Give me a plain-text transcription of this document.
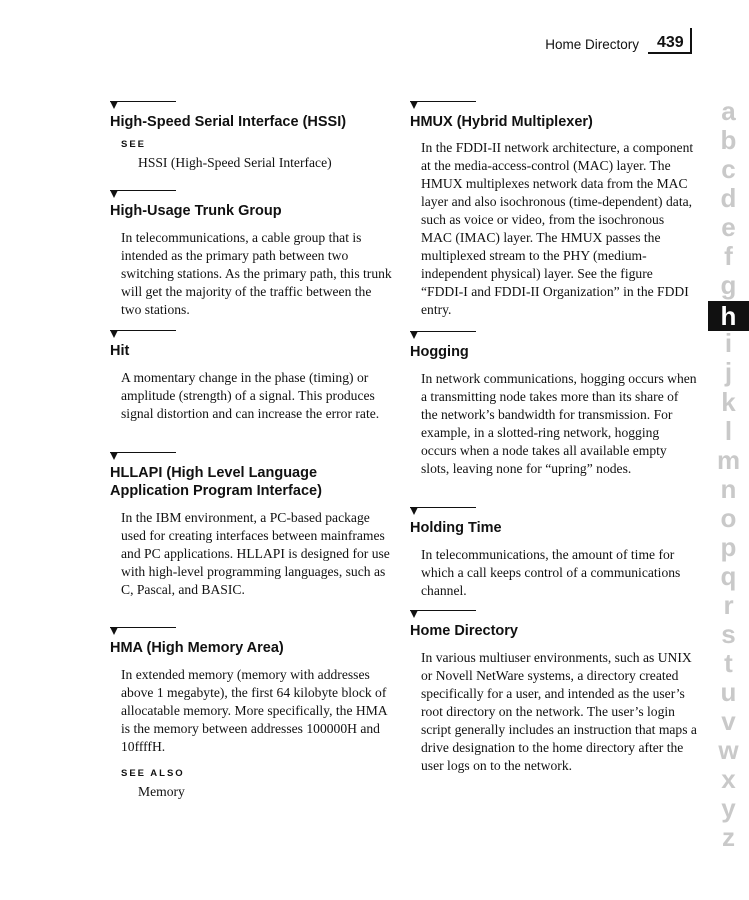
Home Directory 439
High-Speed Serial Interface (HSSI)
SEE
HSSI (High-Speed Serial Interface)
High-Usage Trunk Group

In telecommunications, a cable group that is intended as the primary path between two switching stations. As the primary path, this trunk will get the majority of the traffic between the two stations.

Hit

A momentary change in the phase (timing) or amplitude (strength) of a signal. This produces signal distortion and can increase the error rate.

HLLAPI (High Level Language Application Program Interface)

In the IBM environment, a PC-based package used for creating interfaces between mainframes and PC applications. HLLAPI is designed for use with high-level programming languages, such as C, Pascal, and BASIC.

HMA (High Memory Area)

In extended memory (memory with addresses above 1 megabyte), the first 64 kilobyte block of allocatable memory. More specifically, the HMA is the memory between addresses 100000H and 10ffffH.

SEE ALSO
Memory
HMUX (Hybrid Multiplexer)

In the FDDI-II network architecture, a component at the media-access-control (MAC) layer. The HMUX multiplexes network data from the MAC layer and also isochronous (time-dependent) data, such as voice or video, from the isochronous MAC (IMAC) layer. The HMUX passes the multiplexed stream to the PHY (medium-independent physical) layer. See the figure “FDDI-I and FDDI-II Organization” in the FDDI entry.

Hogging

In network communications, hogging occurs when a transmitting node takes more than its share of the network’s bandwidth for transmission. For example, in a slotted-ring network, hogging occurs when a node takes all available empty slots, leaving none for “upring” nodes.

Holding Time

In telecommunications, the amount of time for which a call keeps control of a communications channel.

Home Directory

In various multiuser environments, such as UNIX or Novell NetWare systems, a directory created specifically for a user, and intended as the user’s root directory on the network. The user’s login script generally includes an instruction that maps a drive designation to the home directory after the user logs on to the network.

a
b
c
d
e
f
g
h
i
j
k
l
m
n
o
p
q
r
s
t
u
v
w
x
y
z
